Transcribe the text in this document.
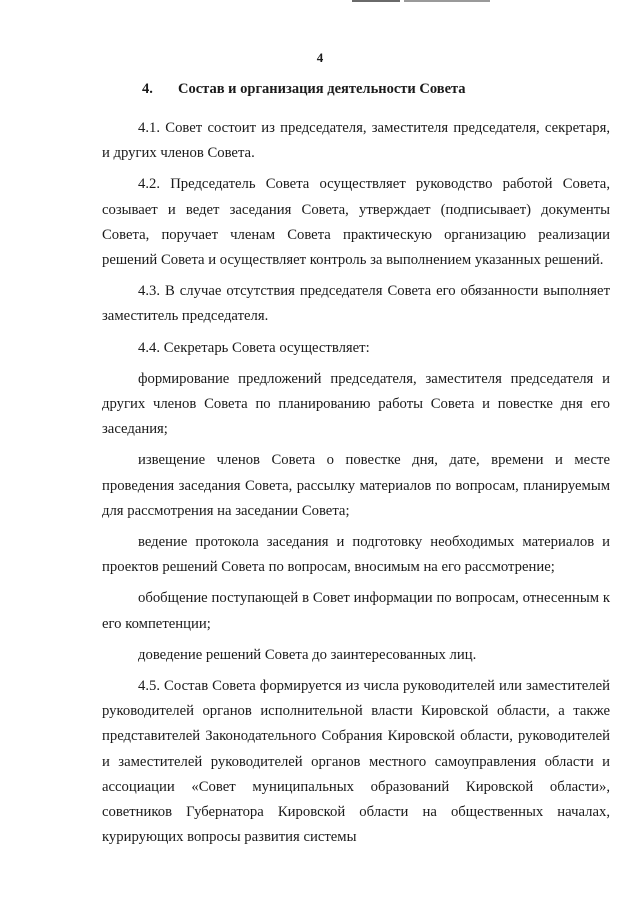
4
4. Состав и организация деятельности Совета

4.1. Совет состоит из председателя, заместителя председателя, секретаря, и других членов Совета.

4.2. Председатель Совета осуществляет руководство работой Совета, созывает и ведет заседания Совета, утверждает (подписывает) документы Совета, поручает членам Совета практическую организацию реализации решений Совета и осуществляет контроль за выполнением указанных решений.

4.3. В случае отсутствия председателя Совета его обязанности выполняет заместитель председателя.

4.4. Секретарь Совета осуществляет:

формирование предложений председателя, заместителя председателя и других членов Совета по планированию работы Совета и повестке дня его заседания;

извещение членов Совета о повестке дня, дате, времени и месте проведения заседания Совета, рассылку материалов по вопросам, планируемым для рассмотрения на заседании Совета;

ведение протокола заседания и подготовку необходимых материалов и проектов решений Совета по вопросам, вносимым на его рассмотрение;

обобщение поступающей в Совет информации по вопросам, отнесенным к его компетенции;

доведение решений Совета до заинтересованных лиц.

4.5. Состав Совета формируется из числа руководителей или заместителей руководителей органов исполнительной власти Кировской области, а также представителей Законодательного Собрания Кировской области, руководителей и заместителей руководителей органов местного самоуправления области и ассоциации «Совет муниципальных образований Кировской области», советников Губернатора Кировской области на общественных началах, курирующих вопросы развития системы
